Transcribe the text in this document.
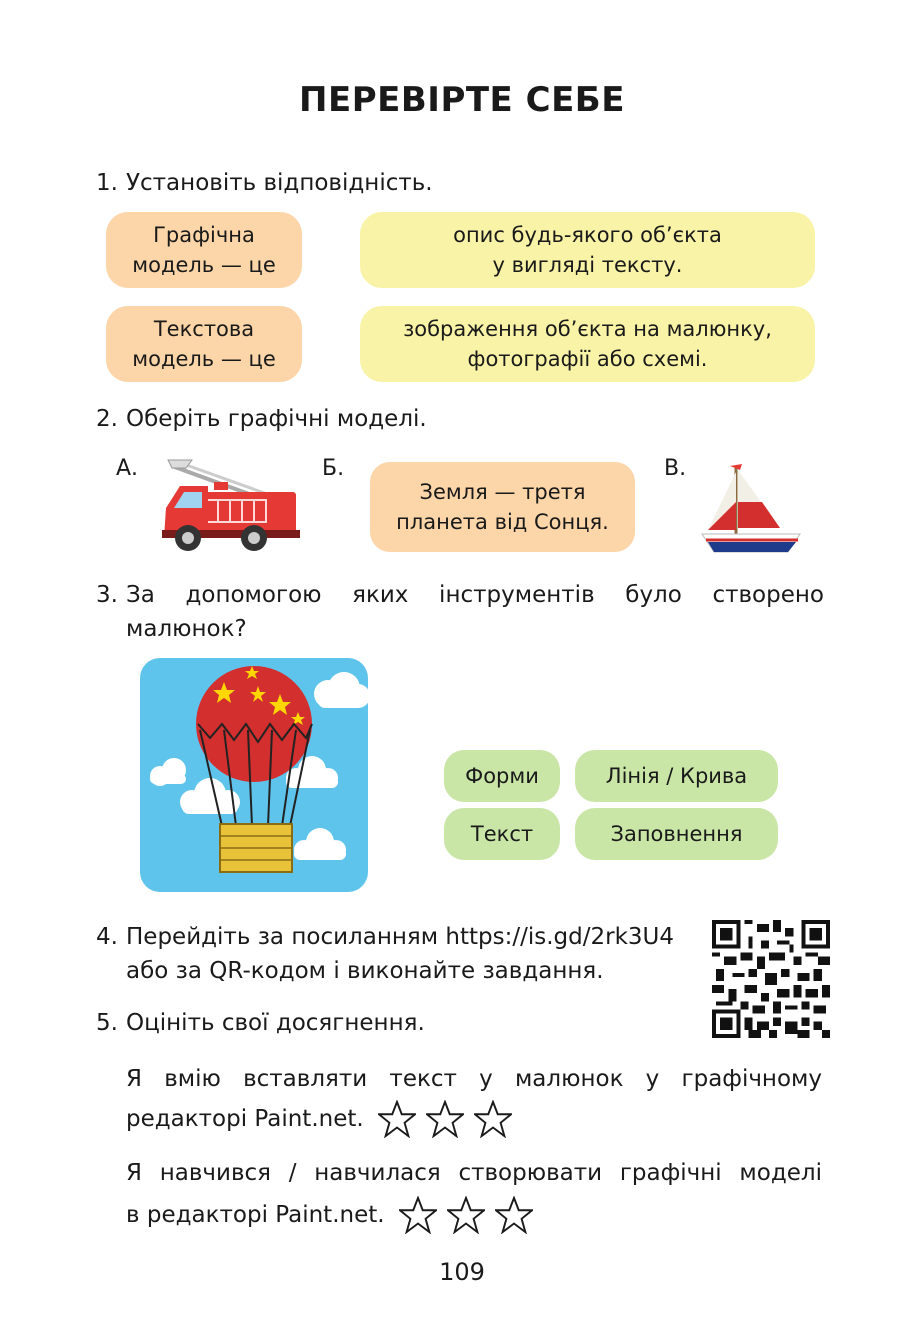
ПЕРЕВІРТЕ СЕБЕ
1. Установіть відповідність.
Графічна
модель — це
Текстова
модель — це
опис будь-якого об’єкта
у вигляді тексту.
зображення об’єкта на малюнку,
фотографії або схемі.
2. Оберіть графічні моделі.
А.	Б.	В.
Земля — третя
планета від Сонця.
3. За допомогою яких інструментів було створено
малюнок?
Форми	Лінія / Крива
Текст	Заповнення
4. Перейдіть за посиланням https://is.gd/2rk3U4
або за QR-кодом і виконайте завдання.
5. Оцініть свої досягнення.
Я вмію вставляти текст у малюнок у графічному
редакторі Paint.net.
Я навчився / навчилася створювати графічні моделі
в редакторі Paint.net.
109
